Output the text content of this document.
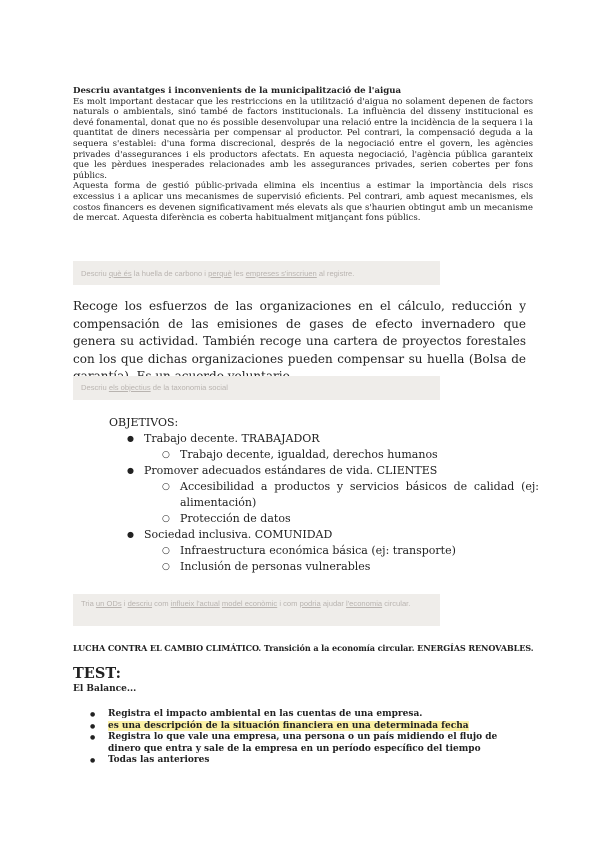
Descriu avantatges i inconvenients de la municipalització de l'aigua

Es molt important destacar que les restriccions en la utilització d'aigua no solament depenen de factors naturals o ambientals, sinó també de factors institucionals. La influència del disseny institucional es devé fonamental, donat que no és possible desenvolupar una relació entre la incidència de la sequera i la quantitat de diners necessària per compensar al productor. Pel contrari, la compensació deguda a la sequera s'establei: d'una forma discrecional, després de la negociació entre el govern, les agències privades d'assegurances i els productors afectats. En aquesta negociació, l'agència pública garanteix que les pèrdues inesperades relacionades amb les assegurances privades, serien cobertes per fons públics.

Aquesta forma de gestió públic-privada elimina els incentius a estimar la importància dels riscs excessius i a aplicar uns mecanismes de supervisió eficients. Pel contrari, amb aquest mecanismes, els costos financers es devenen significativament més elevats als que s'haurien obtingut amb un mecanisme de mercat. Aquesta diferència es coberta habitualment mitjançant fons públics.

Descriu què és la huella de carbono i perquè les empreses s'inscriuen al registre.

Recoge los esfuerzos de las organizaciones en el cálculo, reducción y compensación de las emisiones de gases de efecto invernadero que genera su actividad. También recoge una cartera de proyectos forestales con los que dichas organizaciones pueden compensar su huella (Bolsa de

Descriu els objectius de la taxonomia social
OBJETIVOS:
● Trabajo decente. TRABAJADOR
○ Trabajo decente, igualdad, derechos humanos
● Promover adecuados estándares de vida. CLIENTES
○ Accesibilidad a productos y servicios básicos de calidad (ej: alimentación)
○ Protección de datos
● Sociedad inclusiva. COMUNIDAD
○ Infraestructura económica básica (ej: transporte)
○ Inclusión de personas vulnerables
Tria un ODs i descriu com influeix l'actual model econòmic i com podria ajudar l'economia circular.
LUCHA CONTRA EL CAMBIO CLIMÁTICO. Transición a la economía circular. ENERGÍAS RENOVABLES.
TEST:
El Balance...
● Registra el impacto ambiental en las cuentas de una empresa.
● es una descripción de la situación financiera en una determinada fecha
● Registra lo que vale una empresa, una persona o un país midiendo el flujo de dinero que entra y sale de la empresa en un período específico del tiempo
● Todas las anteriores
